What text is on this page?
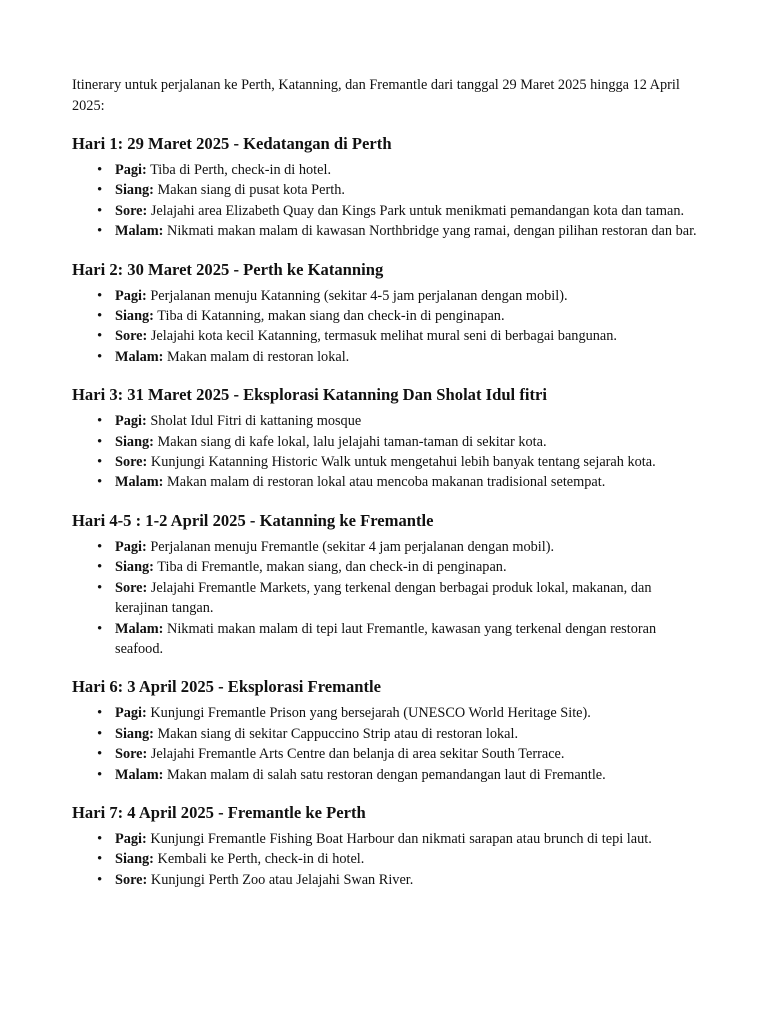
Itinerary untuk perjalanan ke Perth, Katanning, dan Fremantle dari tanggal 29 Maret 2025 hingga 12 April 2025:

Hari 1: 29 Maret 2025 - Kedatangan di Perth
• Pagi: Tiba di Perth, check-in di hotel.
• Siang: Makan siang di pusat kota Perth.
• Sore: Jelajahi area Elizabeth Quay dan Kings Park untuk menikmati pemandangan kota dan taman.
• Malam: Nikmati makan malam di kawasan Northbridge yang ramai, dengan pilihan restoran dan bar.
Hari 2: 30 Maret 2025 - Perth ke Katanning
• Pagi: Perjalanan menuju Katanning (sekitar 4-5 jam perjalanan dengan mobil).
• Siang: Tiba di Katanning, makan siang dan check-in di penginapan.
• Sore: Jelajahi kota kecil Katanning, termasuk melihat mural seni di berbagai bangunan.
• Malam: Makan malam di restoran lokal.
Hari 3: 31 Maret 2025 - Eksplorasi Katanning Dan Sholat Idul fitri
• Pagi: Sholat Idul Fitri di kattaning mosque
• Siang: Makan siang di kafe lokal, lalu jelajahi taman-taman di sekitar kota.
• Sore: Kunjungi Katanning Historic Walk untuk mengetahui lebih banyak tentang sejarah kota.
• Malam: Makan malam di restoran lokal atau mencoba makanan tradisional setempat.
Hari 4-5 : 1-2 April 2025 - Katanning ke Fremantle
• Pagi: Perjalanan menuju Fremantle (sekitar 4 jam perjalanan dengan mobil).
• Siang: Tiba di Fremantle, makan siang, dan check-in di penginapan.
• Sore: Jelajahi Fremantle Markets, yang terkenal dengan berbagai produk lokal, makanan, dan kerajinan tangan.
• Malam: Nikmati makan malam di tepi laut Fremantle, kawasan yang terkenal dengan restoran seafood.
Hari 6: 3 April 2025 - Eksplorasi Fremantle
• Pagi: Kunjungi Fremantle Prison yang bersejarah (UNESCO World Heritage Site).
• Siang: Makan siang di sekitar Cappuccino Strip atau di restoran lokal.
• Sore: Jelajahi Fremantle Arts Centre dan belanja di area sekitar South Terrace.
• Malam: Makan malam di salah satu restoran dengan pemandangan laut di Fremantle.
Hari 7: 4 April 2025 - Fremantle ke Perth
• Pagi: Kunjungi Fremantle Fishing Boat Harbour dan nikmati sarapan atau brunch di tepi laut.
• Siang: Kembali ke Perth, check-in di hotel.
• Sore: Kunjungi Perth Zoo atau Jelajahi Swan River.
